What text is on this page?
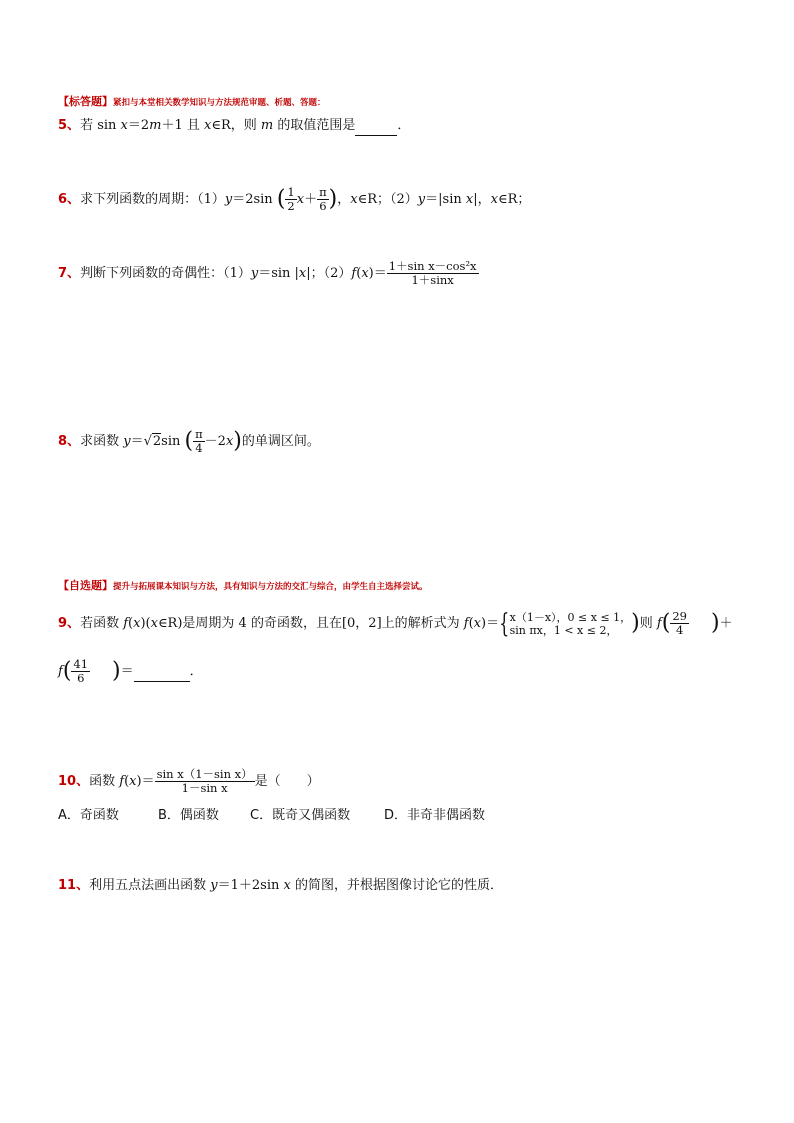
【标答题】紧扣与本堂相关数学知识与方法规范审题、析题、答题：
5、若 sin x＝2m＋1 且 x∈R，则 m 的取值范围是	．
6、求下列函数的周期：（1）y＝2sin ( $\frac{1}{2} x+ \frac{\pi}{6}$ )，x∈R；（2）y＝|sin x|，x∈R；
7、判断下列函数的奇偶性：（1）y＝sin |x|；$(2)f(x)= \frac{\text{1＋sin x－cos²x}}{1+\sin x}$
8、求函数 y＝√2sin ( $\frac{\pi}{4} -2x$)的单调区间。
【自选题】提升与拓展课本知识与方法，具有知识与方法的交汇与综合，由学生自主选择尝试。
9、若函数 f(x)(x∈R)是周期为 4 的奇函数，且在[0，2]上的解析式为 f(x)＝{ x（1－x），0 ≤ x ≤ 1，
sin πx，1 < x ≤ 2， )则 $f( \frac{29}{4}$ )＋
$f( \frac{41}{6}$ )＝	．
10、函数 $f(x)= \frac{\text{sin x（1－sin x）}}{\text{1－sin x}}$ 是（　　）
A．奇函数	B．偶函数 C．既奇又偶函数	D．非奇非偶函数
11、利用五点法画出函数 y＝1＋2sin x 的简图，并根据图像讨论它的性质．
